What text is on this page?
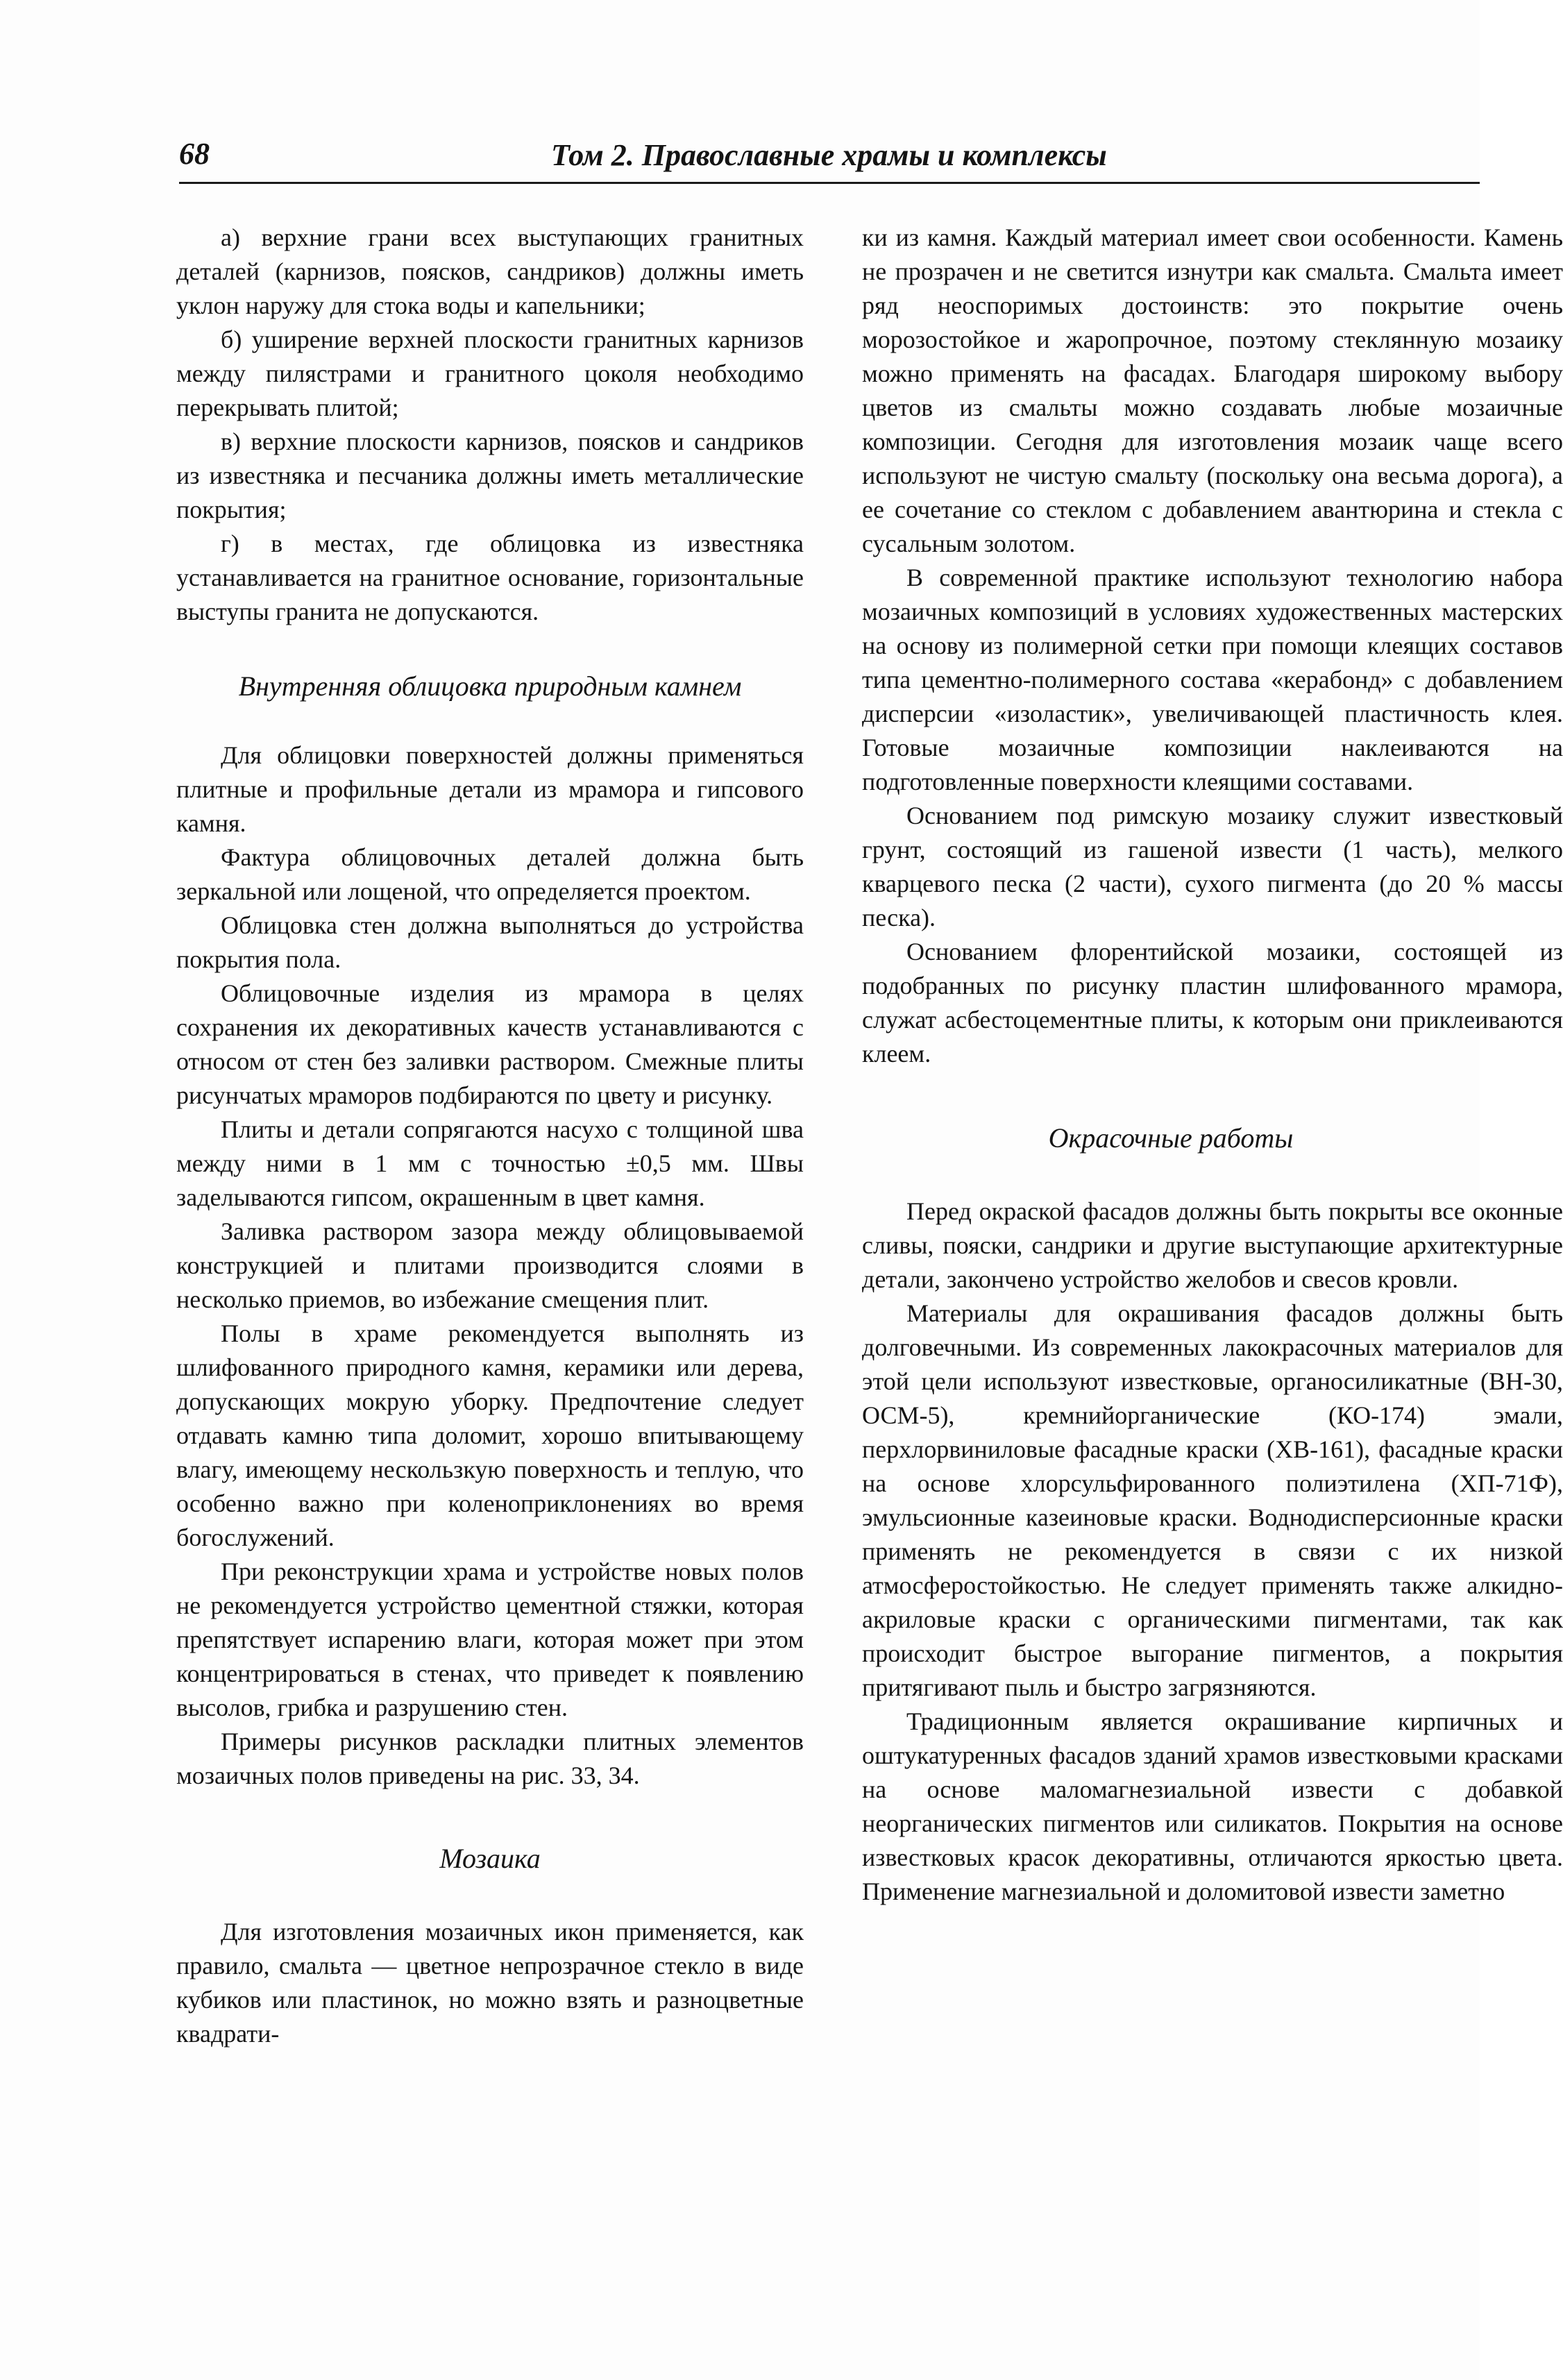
68	Том 2. Православные храмы и комплексы

а) верхние грани всех выступающих гранитных деталей (карнизов, поясков, сандриков) должны иметь уклон наружу для стока воды и капельники;

б) уширение верхней плоскости гранитных карнизов между пилястрами и гранитного цоколя необходимо перекрывать плитой;

в) верхние плоскости карнизов, поясков и сандриков из известняка и песчаника должны иметь металлические покрытия;

г) в местах, где облицовка из известняка устанавливается на гранитное основание, горизонтальные выступы гранита не допускаются.

Внутренняя облицовка природным камнем

Для облицовки поверхностей должны применяться плитные и профильные детали из мрамора и гипсового камня.

Фактура облицовочных деталей должна быть зеркальной или лощеной, что определяется проектом.

Облицовка стен должна выполняться до устройства покрытия пола.

Облицовочные изделия из мрамора в целях сохранения их декоративных качеств устанавливаются с относом от стен без заливки раствором. Смежные плиты рисунчатых мраморов подбираются по цвету и рисунку.

Плиты и детали сопрягаются насухо с толщиной шва между ними в 1 мм с точностью ±0,5 мм. Швы заделываются гипсом, окрашенным в цвет камня.

Заливка раствором зазора между облицовываемой конструкцией и плитами производится слоями в несколько приемов, во избежание смещения плит.

Полы в храме рекомендуется выполнять из шлифованного природного камня, керамики или дерева, допускающих мокрую уборку. Предпочтение следует отдавать камню типа доломит, хорошо впитывающему влагу, имеющему нескользкую поверхность и теплую, что особенно важно при коленоприклонениях во время богослужений.

При реконструкции храма и устройстве новых полов не рекомендуется устройство цементной стяжки, которая препятствует испарению влаги, которая может при этом концентрироваться в стенах, что приведет к появлению высолов, грибка и разрушению стен.

Примеры рисунков раскладки плитных элементов мозаичных полов приведены на рис. 33, 34.

Мозаика

Для изготовления мозаичных икон применяется, как правило, смальта — цветное непрозрачное стекло в виде кубиков или пластинок, но можно взять и разноцветные квадрати-

ки из камня. Каждый материал имеет свои особенности. Камень не прозрачен и не светится изнутри как смальта. Смальта имеет ряд неоспоримых достоинств: это покрытие очень морозостойкое и жаропрочное, поэтому стеклянную мозаику можно применять на фасадах. Благодаря широкому выбору цветов из смальты можно создавать любые мозаичные композиции. Сегодня для изготовления мозаик чаще всего используют не чистую смальту (поскольку она весьма дорога), а ее сочетание со стеклом с добавлением авантюрина и стекла с сусальным золотом.

В современной практике используют технологию набора мозаичных композиций в условиях художественных мастерских на основу из полимерной сетки при помощи клеящих составов типа цементно-полимерного состава «керабонд» с добавлением дисперсии «изоластик», увеличивающей пластичность клея. Готовые мозаичные композиции наклеиваются на подготовленные поверхности клеящими составами.

Основанием под римскую мозаику служит известковый грунт, состоящий из гашеной извести (1 часть), мелкого кварцевого песка (2 части), сухого пигмента (до 20 % массы песка).

Основанием флорентийской мозаики, состоящей из подобранных по рисунку пластин шлифованного мрамора, служат асбестоцементные плиты, к которым они приклеиваются клеем.

Окрасочные работы

Перед окраской фасадов должны быть покрыты все оконные сливы, пояски, сандрики и другие выступающие архитектурные детали, закончено устройство желобов и свесов кровли.

Материалы для окрашивания фасадов должны быть долговечными. Из современных лакокрасочных материалов для этой цели используют известковые, органосиликатные (ВН-30, ОСМ-5), кремнийорганические (КО-174) эмали, перхлорвиниловые фасадные краски (ХВ-161), фасадные краски на основе хлорсульфированного полиэтилена (ХП-71Ф), эмульсионные казеиновые краски. Воднодисперсионные краски применять не рекомендуется в связи с их низкой атмосферостойкостью. Не следует применять также алкидно-акриловые краски с органическими пигментами, так как происходит быстрое выгорание пигментов, а покрытия притягивают пыль и быстро загрязняются.

Традиционным является окрашивание кирпичных и оштукатуренных фасадов зданий храмов известковыми красками на основе маломагнезиальной извести с добавкой неорганических пигментов или силикатов. Покрытия на основе известковых красок декоративны, отличаются яркостью цвета. Применение магнезиальной и доломитовой извести заметно
